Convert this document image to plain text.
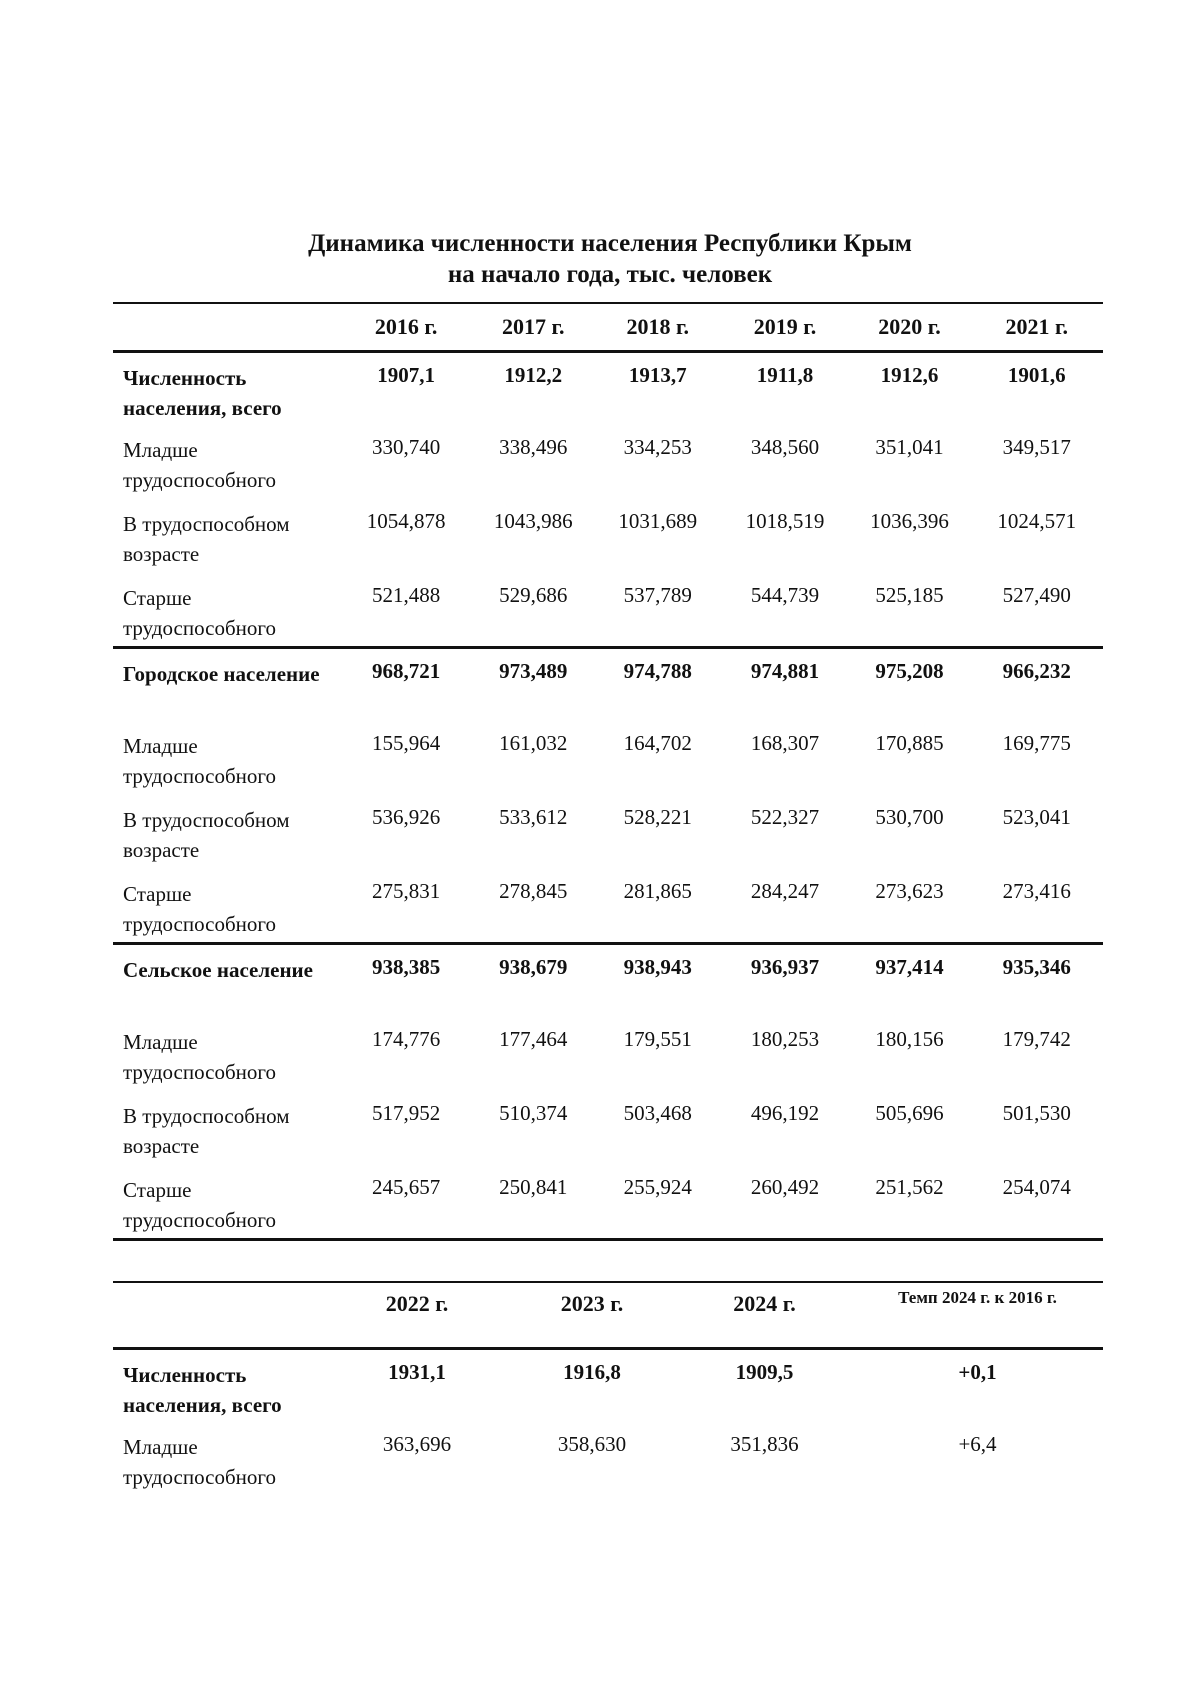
Динамика численности населения Республики Крым
на начало года, тыс. человек
	2016 г.	2017 г.	2018 г.	2019 г.	2020 г.	2021 г.
Численность населения, всего	1907,1	1912,2	1913,7	1911,8	1912,6	1901,6
Младше трудоспособного	330,740	338,496	334,253	348,560	351,041	349,517
В трудоспособном возрасте	1054,878	1043,986	1031,689	1018,519	1036,396	1024,571
Старше трудоспособного	521,488	529,686	537,789	544,739	525,185	527,490
Городское население	968,721	973,489	974,788	974,881	975,208	966,232
Младше трудоспособного	155,964	161,032	164,702	168,307	170,885	169,775
В трудоспособном возрасте	536,926	533,612	528,221	522,327	530,700	523,041
Старше трудоспособного	275,831	278,845	281,865	284,247	273,623	273,416
Сельское население	938,385	938,679	938,943	936,937	937,414	935,346
Младше трудоспособного	174,776	177,464	179,551	180,253	180,156	179,742
В трудоспособном возрасте	517,952	510,374	503,468	496,192	505,696	501,530
Старше трудоспособного	245,657	250,841	255,924	260,492	251,562	254,074
	2022 г.	2023 г.	2024 г.	Темп 2024 г. к 2016 г.
Численность населения, всего	1931,1	1916,8	1909,5	+0,1
Младше трудоспособного	363,696	358,630	351,836	+6,4
